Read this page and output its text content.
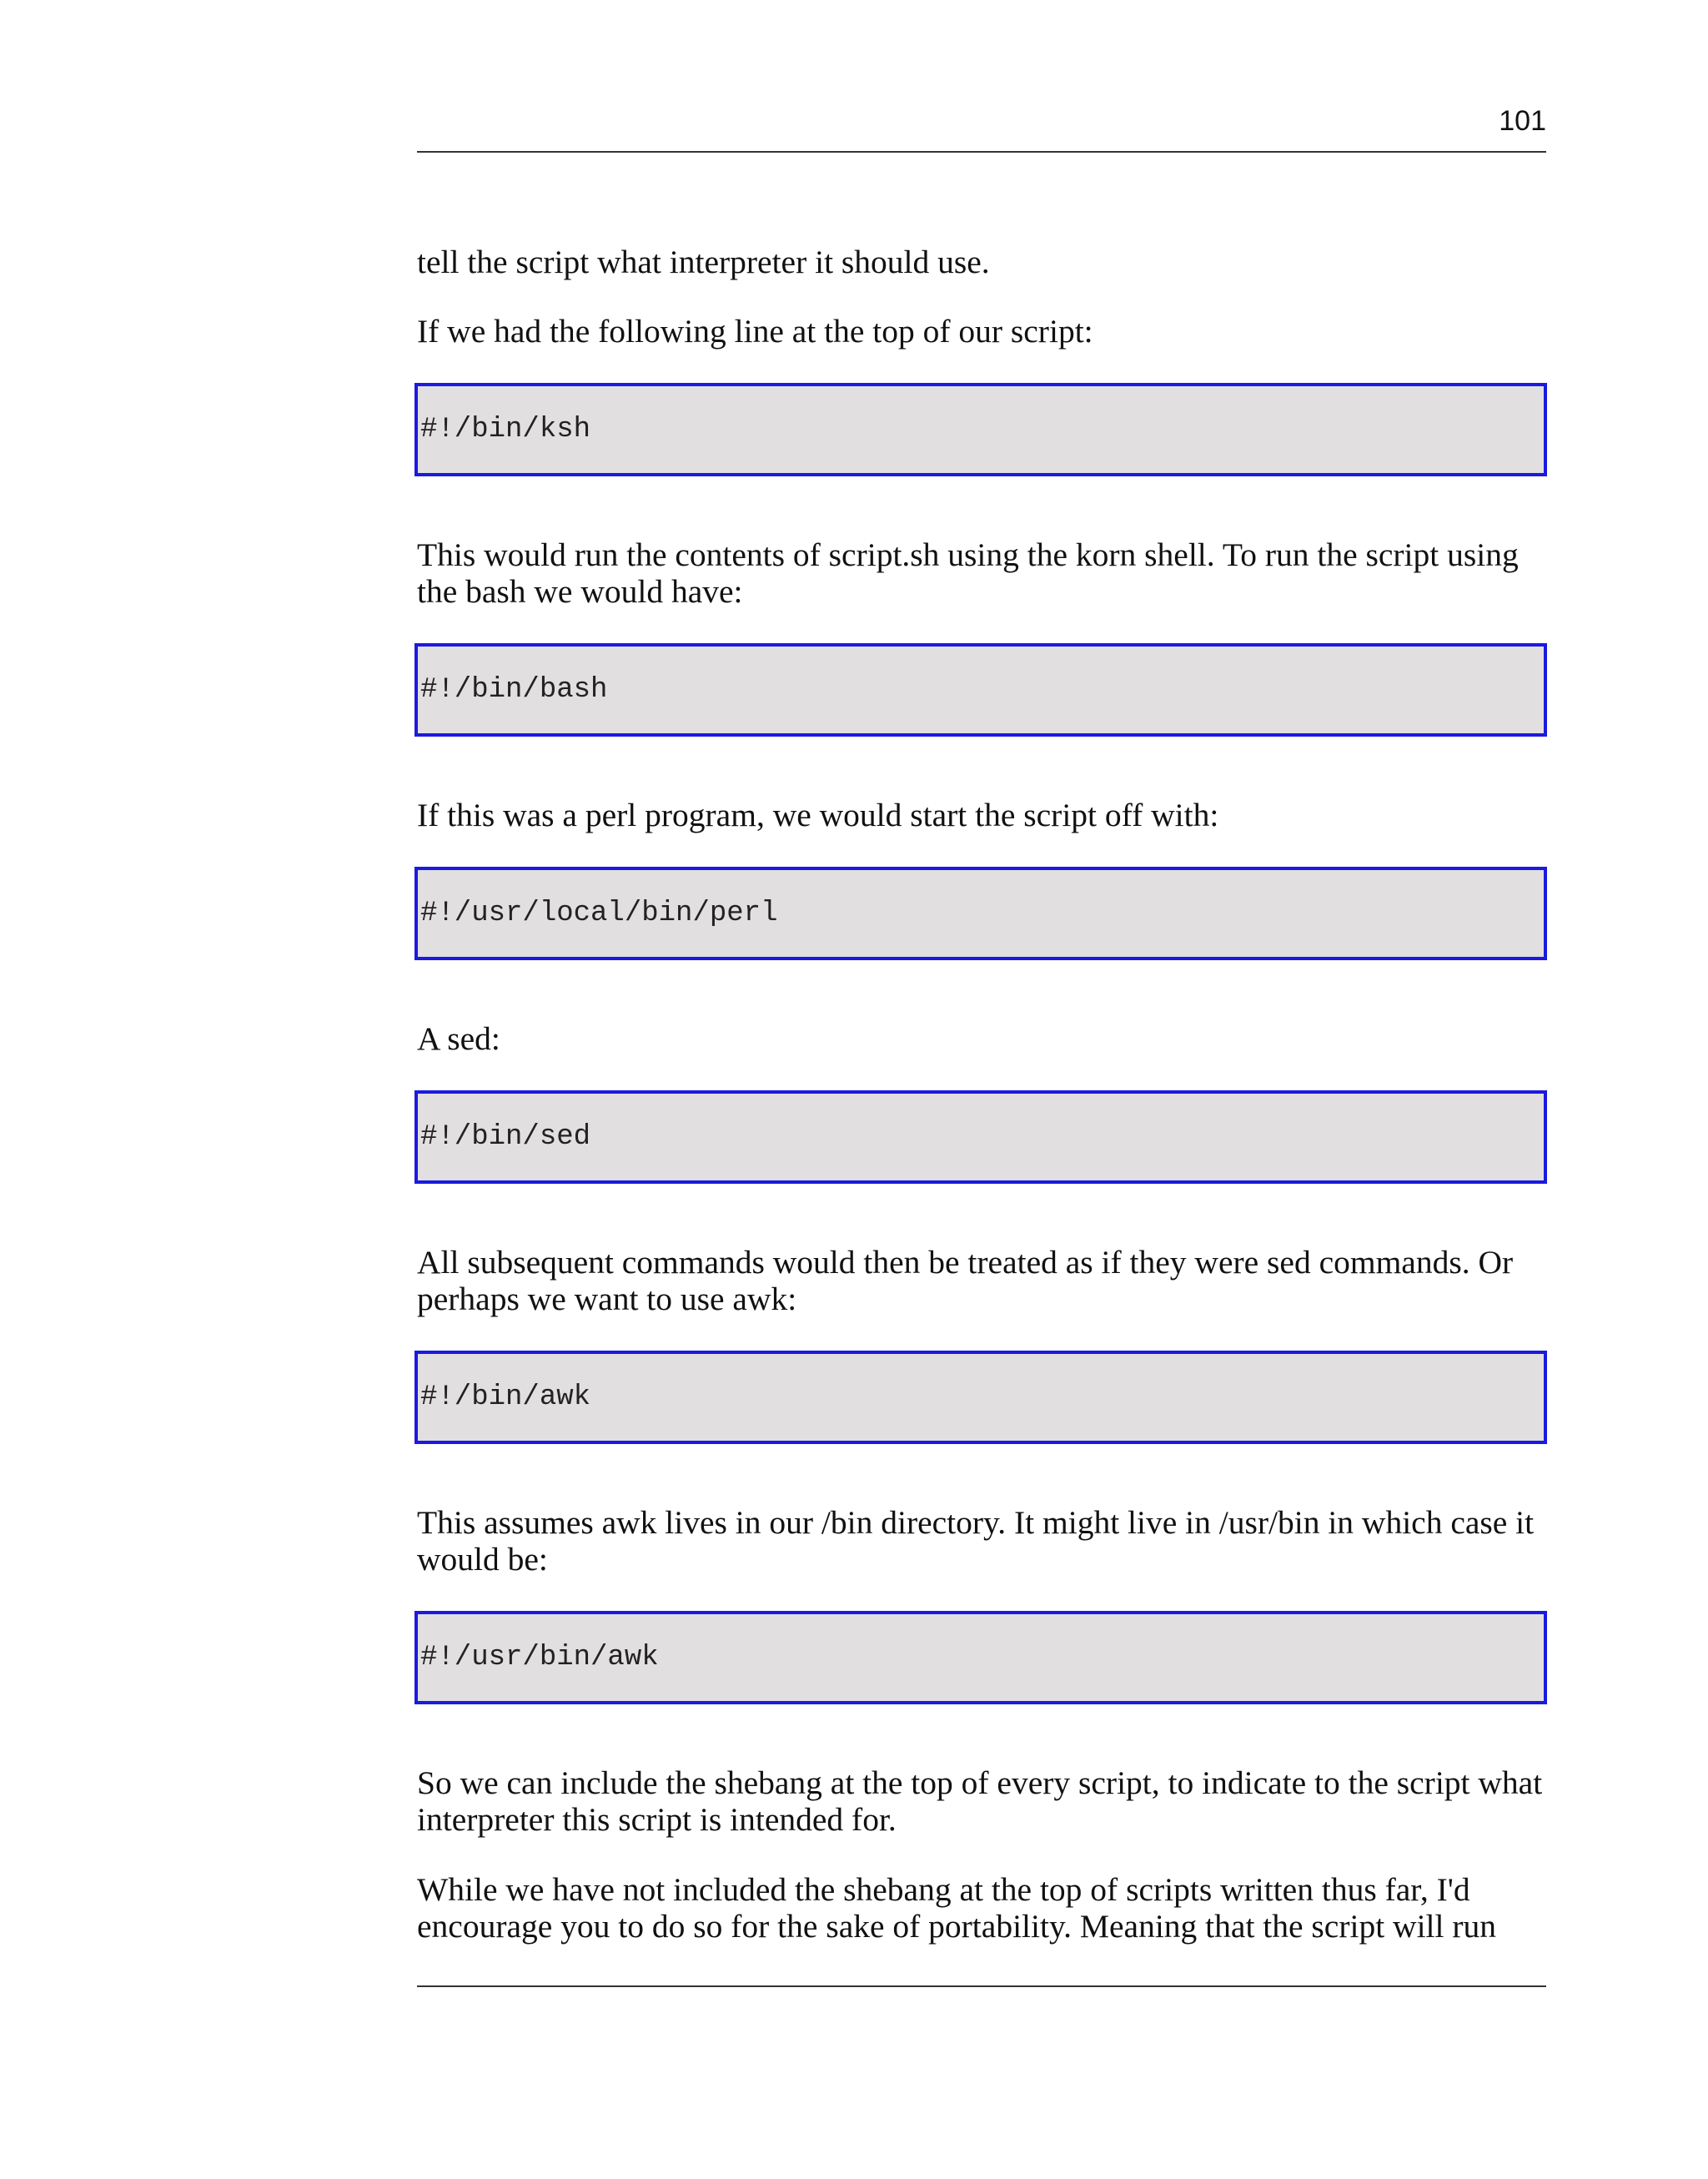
101

tell the script what interpreter it should use.

If we had the following line at the top of our script:

#!/bin/ksh

This would run the contents of script.sh using the korn shell. To run the script using the bash we would have:

#!/bin/bash

If this was a perl program, we would start the script off with:

#!/usr/local/bin/perl

A sed:

#!/bin/sed

All subsequent commands would then be treated as if they were sed commands. Or perhaps we want to use awk:

#!/bin/awk

This assumes awk lives in our /bin directory. It might live in /usr/bin in which case it would be:

#!/usr/bin/awk

So we can include the shebang at the top of every script, to indicate to the script what interpreter this script is intended for.

While we have not included the shebang at the top of scripts written thus far, I'd encourage you to do so for the sake of portability. Meaning that the script will run
